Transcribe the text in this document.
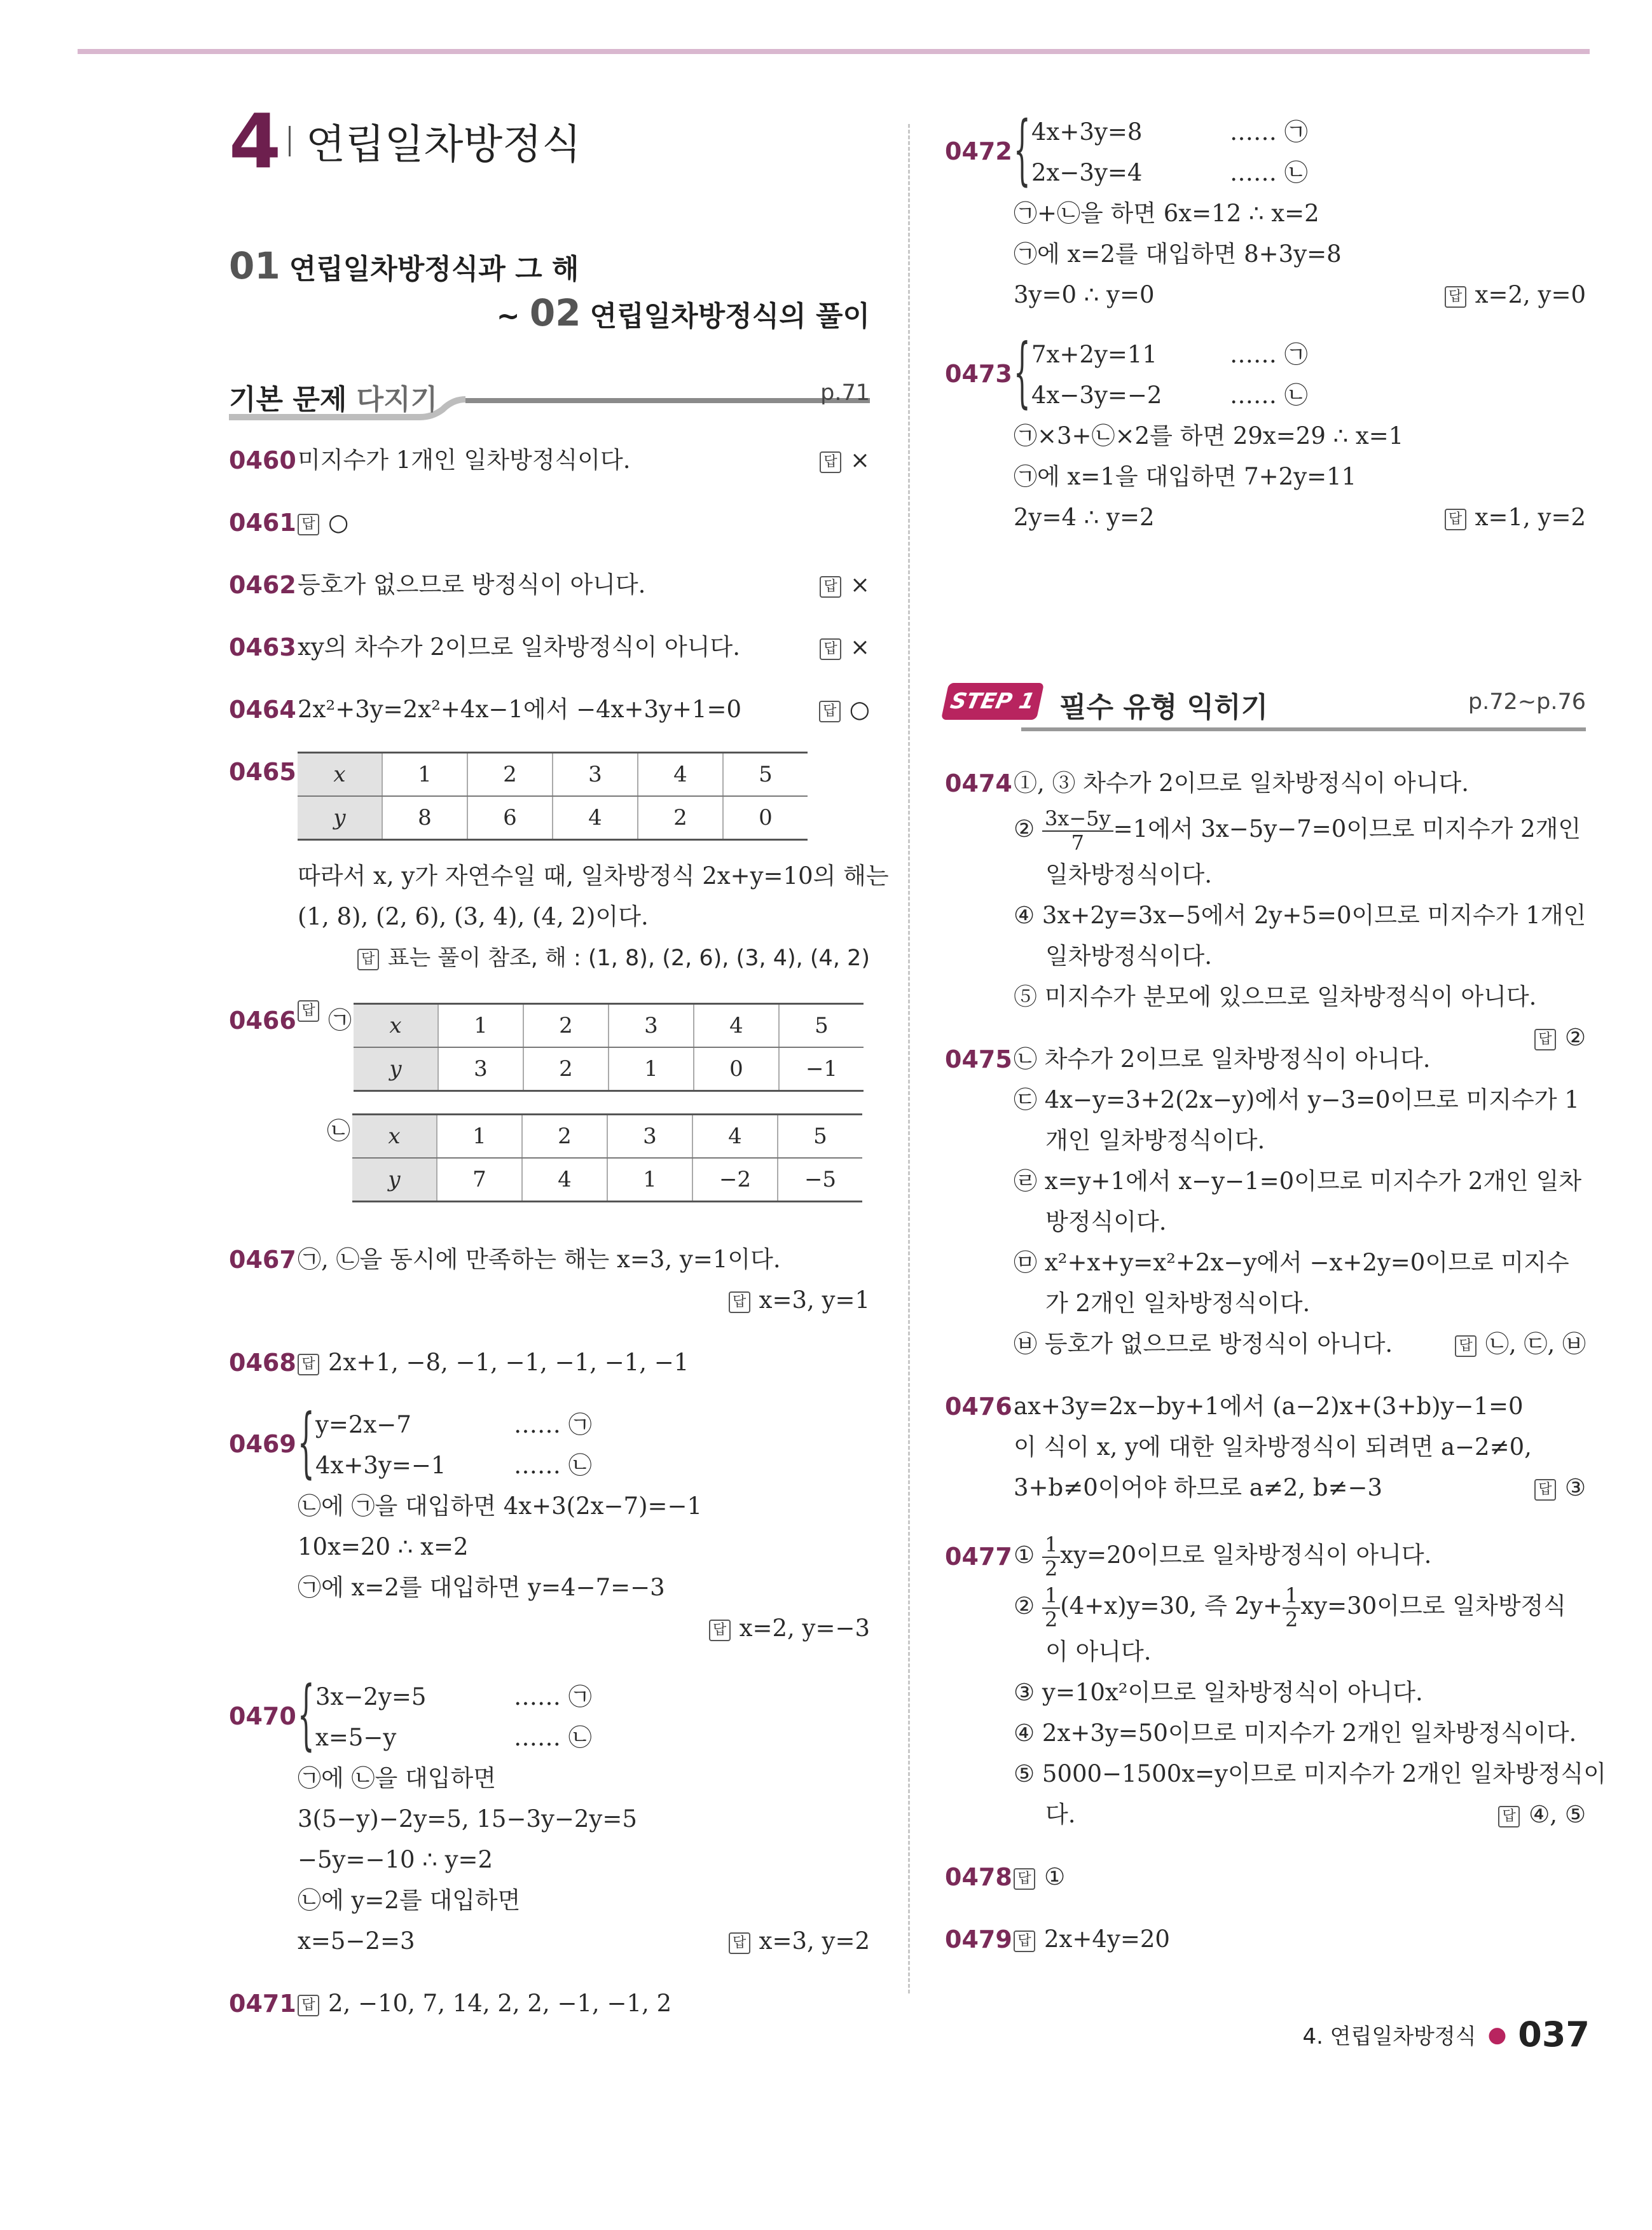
4 연립일차방정식
01 연립일차방정식과 그 해
~ 02 연립일차방정식의 풀이
기본 문제 다지기	p.71
0460 미지수가 1개인 일차방정식이다.	답 ×
0461 답 ○
0462 등호가 없으므로 방정식이 아니다.	답 ×
0463 xy의 차수가 2이므로 일차방정식이 아니다.	답 ×
0464 2x²+3y=2x²+4x−1에서 −4x+3y+1=0	답 ○
0465 x	1	2	3	4	5
y	8	6	4	2	0
따라서 x, y가 자연수일 때, 일차방정식 2x+y=10의 해는
(1, 8), (2, 6), (3, 4), (4, 2)이다.
답 표는 풀이 참조, 해 : (1, 8), (2, 6), (3, 4), (4, 2)
0466 답 ㉠ x	1	2	3	4	5
y	3	2	1	0	−1
㉡ x	1	2	3	4	5
y	7	4	1	−2	−5
0467 ㉠, ㉡을 동시에 만족하는 해는 x=3, y=1이다.
답 x=3, y=1
0468 답 2x+1, −8, −1, −1, −1, −1, −1
0469 { y=2x−7	…… ㉠
4x+3y=−1	…… ㉡
㉡에 ㉠을 대입하면 4x+3(2x−7)=−1
10x=20 ∴ x=2
㉠에 x=2를 대입하면 y=4−7=−3
답 x=2, y=−3
0470 { 3x−2y=5	…… ㉠
x=5−y	…… ㉡
㉠에 ㉡을 대입하면
3(5−y)−2y=5, 15−3y−2y=5
−5y=−10 ∴ y=2
㉡에 y=2를 대입하면
x=5−2=3	답 x=3, y=2
0471 답 2, −10, 7, 14, 2, 2, −1, −1, 2
0472 { 4x+3y=8	…… ㉠
2x−3y=4	…… ㉡
㉠+㉡을 하면 6x=12 ∴ x=2
㉠에 x=2를 대입하면 8+3y=8
3y=0 ∴ y=0	답 x=2, y=0
0473 { 7x+2y=11	…… ㉠
4x−3y=−2	…… ㉡
㉠×3+㉡×2를 하면 29x=29 ∴ x=1
㉠에 x=1을 대입하면 7+2y=11
2y=4 ∴ y=2	답 x=1, y=2
STEP 1 필수 유형 익히기	p.72~p.76
0474 ①, ③ 차수가 2이므로 일차방정식이 아니다.
② $\frac{3x-5y}{7} =1$에서 3x−5y−7=0이므로 미지수가 2개인
일차방정식이다.
④ 3x+2y=3x−5에서 2y+5=0이므로 미지수가 1개인
일차방정식이다.
⑤ 미지수가 분모에 있으므로 일차방정식이 아니다.
답 ②
0475 ㉡ 차수가 2이므로 일차방정식이 아니다.
㉢ 4x−y=3+2(2x−y)에서 y−3=0이므로 미지수가 1
개인 일차방정식이다.
㉣ x=y+1에서 x−y−1=0이므로 미지수가 2개인 일차
방정식이다.
㉤ x²+x+y=x²+2x−y에서 −x+2y=0이므로 미지수
가 2개인 일차방정식이다.
㉥ 등호가 없으므로 방정식이 아니다.	답 ㉡, ㉢, ㉥
0476 ax+3y=2x−by+1에서 (a−2)x+(3+b)y−1=0
이 식이 x, y에 대한 일차방정식이 되려면 a−2≠0,
3+b≠0이어야 하므로 a≠2, b≠−3	답 ③
0477 ① $\frac{1}{2} xy=20$이므로 일차방정식이 아니다.
② $\frac{1}{2} (4+x)y=30$, 즉 $2y+ \frac{1}{2} xy=30$이므로 일차방정식
이 아니다.
③ y=10x²이므로 일차방정식이 아니다.
④ 2x+3y=50이므로 미지수가 2개인 일차방정식이다.
⑤ 5000−1500x=y이므로 미지수가 2개인 일차방정식이
다.	답 ④, ⑤
0478 답 ①
0479 답 2x+4y=20
4. 연립일차방정식 ● 037
